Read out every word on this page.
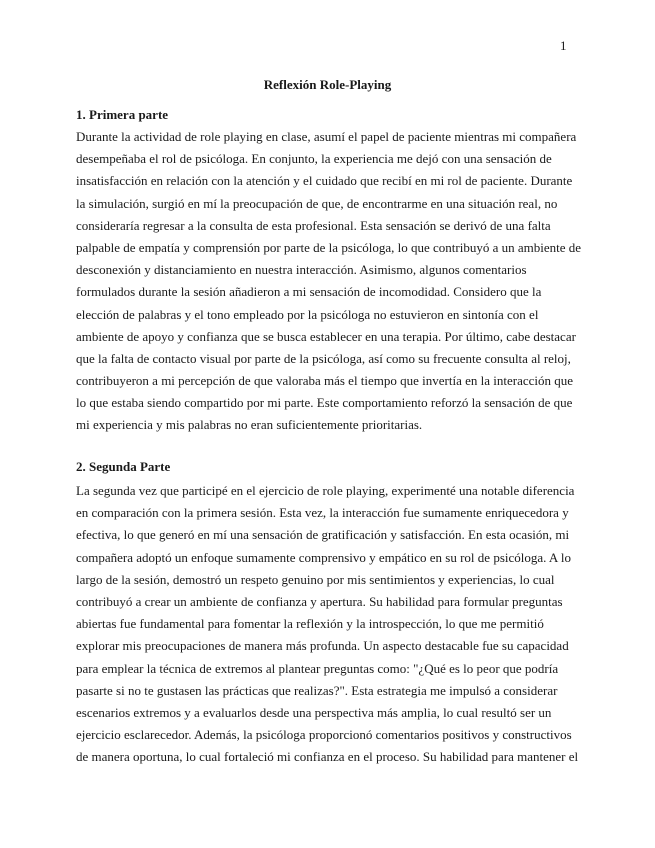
1
Reflexión Role-Playing
1. Primera parte
Durante la actividad de role playing en clase, asumí el papel de paciente mientras mi compañera
desempeñaba el rol de psicóloga. En conjunto, la experiencia me dejó con una sensación de
insatisfacción en relación con la atención y el cuidado que recibí en mi rol de paciente. Durante
la simulación, surgió en mí la preocupación de que, de encontrarme en una situación real, no
consideraría regresar a la consulta de esta profesional. Esta sensación se derivó de una falta
palpable de empatía y comprensión por parte de la psicóloga, lo que contribuyó a un ambiente de
desconexión y distanciamiento en nuestra interacción. Asimismo, algunos comentarios
formulados durante la sesión añadieron a mi sensación de incomodidad. Considero que la
elección de palabras y el tono empleado por la psicóloga no estuvieron en sintonía con el
ambiente de apoyo y confianza que se busca establecer en una terapia. Por último, cabe destacar
que la falta de contacto visual por parte de la psicóloga, así como su frecuente consulta al reloj,
contribuyeron a mi percepción de que valoraba más el tiempo que invertía en la interacción que
lo que estaba siendo compartido por mi parte. Este comportamiento reforzó la sensación de que
mi experiencia y mis palabras no eran suficientemente prioritarias.
2. Segunda Parte
La segunda vez que participé en el ejercicio de role playing, experimenté una notable diferencia
en comparación con la primera sesión. Esta vez, la interacción fue sumamente enriquecedora y
efectiva, lo que generó en mí una sensación de gratificación y satisfacción. En esta ocasión, mi
compañera adoptó un enfoque sumamente comprensivo y empático en su rol de psicóloga. A lo
largo de la sesión, demostró un respeto genuino por mis sentimientos y experiencias, lo cual
contribuyó a crear un ambiente de confianza y apertura. Su habilidad para formular preguntas
abiertas fue fundamental para fomentar la reflexión y la introspección, lo que me permitió
explorar mis preocupaciones de manera más profunda. Un aspecto destacable fue su capacidad
para emplear la técnica de extremos al plantear preguntas como: "¿Qué es lo peor que podría
pasarte si no te gustasen las prácticas que realizas?". Esta estrategia me impulsó a considerar
escenarios extremos y a evaluarlos desde una perspectiva más amplia, lo cual resultó ser un
ejercicio esclarecedor. Además, la psicóloga proporcionó comentarios positivos y constructivos
de manera oportuna, lo cual fortaleció mi confianza en el proceso. Su habilidad para mantener el
